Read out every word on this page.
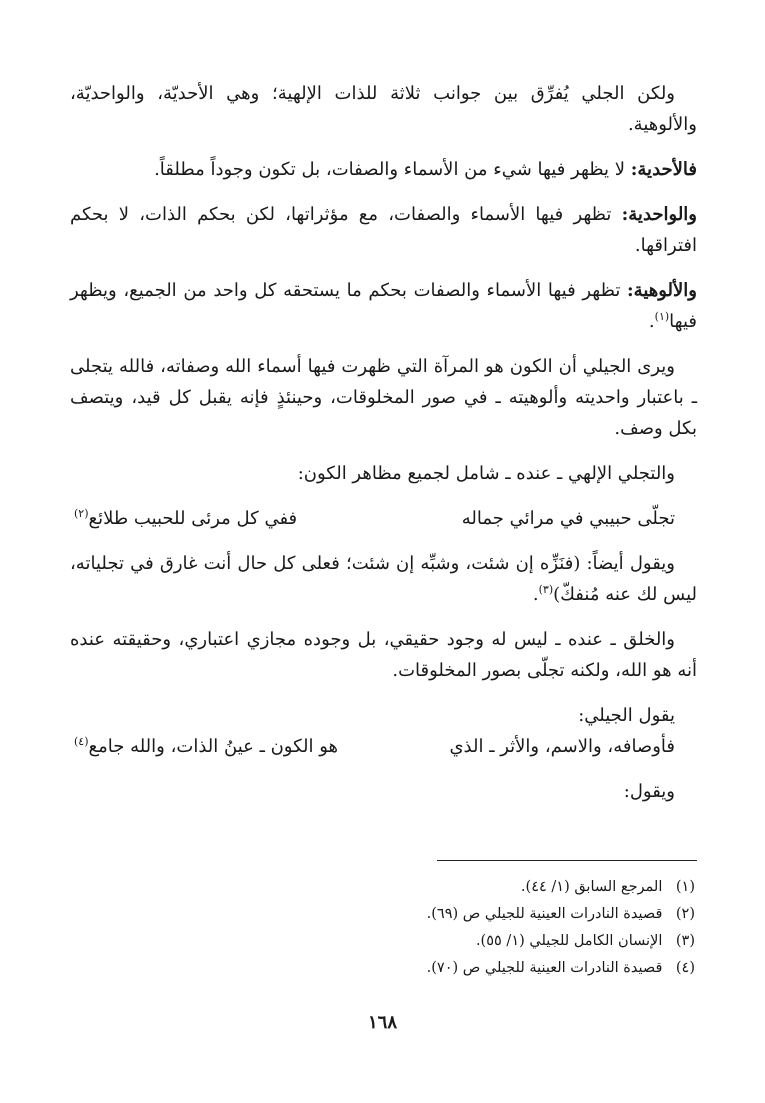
ولكن الجلي يُفرِّق بين جوانب ثلاثة للذات الإلهية؛ وهي الأحديّة، والواحديّة، والألوهية.

فالأحدية: لا يظهر فيها شيء من الأسماء والصفات، بل تكون وجوداً مطلقاً.

والواحدية: تظهر فيها الأسماء والصفات، مع مؤثراتها، لكن بحكم الذات، لا بحكم افتراقها.

والألوهية: تظهر فيها الأسماء والصفات بحكم ما يستحقه كل واحد من الجميع، ويظهر فيها$^{(١)}$.

ويرى الجيلي أن الكون هو المرآة التي ظهرت فيها أسماء الله وصفاته، فالله يتجلى ـ باعتبار واحديته وألوهيته ـ في صور المخلوقات، وحينئذٍ فإنه يقبل كل قيد، ويتصف بكل وصف.

والتجلي الإلهي ـ عنده ـ شامل لجميع مظاهر الكون:

تجلّى حبيبي في مرائي جماله
ففي كل مرئى للحبيب طلائع$^{(٢)}$

ويقول أيضاً: (فنَزِّه إن شئت، وشبِّه إن شئت؛ فعلى كل حال أنت غارق في تجلياته، ليس لك عنه مُنفكّ)$^{(٣)}$.

والخلق ـ عنده ـ ليس له وجود حقيقي، بل وجوده مجازي اعتباري، وحقيقته عنده أنه هو الله، ولكنه تجلّى بصور المخلوقات.

يقول الجيلي:

فأوصافه، والاسم، والأثر ـ الذي
هو الكون ـ عينُ الذات، والله جامع$^{(٤)}$

ويقول:

(١) المرجع السابق (١/ ٤٤).

(٢) قصيدة النادرات العينية للجيلي ص (٦٩).

(٣) الإنسان الكامل للجيلي (١/ ٥٥).

(٤) قصيدة النادرات العينية للجيلي ص (٧٠).

١٦٨
